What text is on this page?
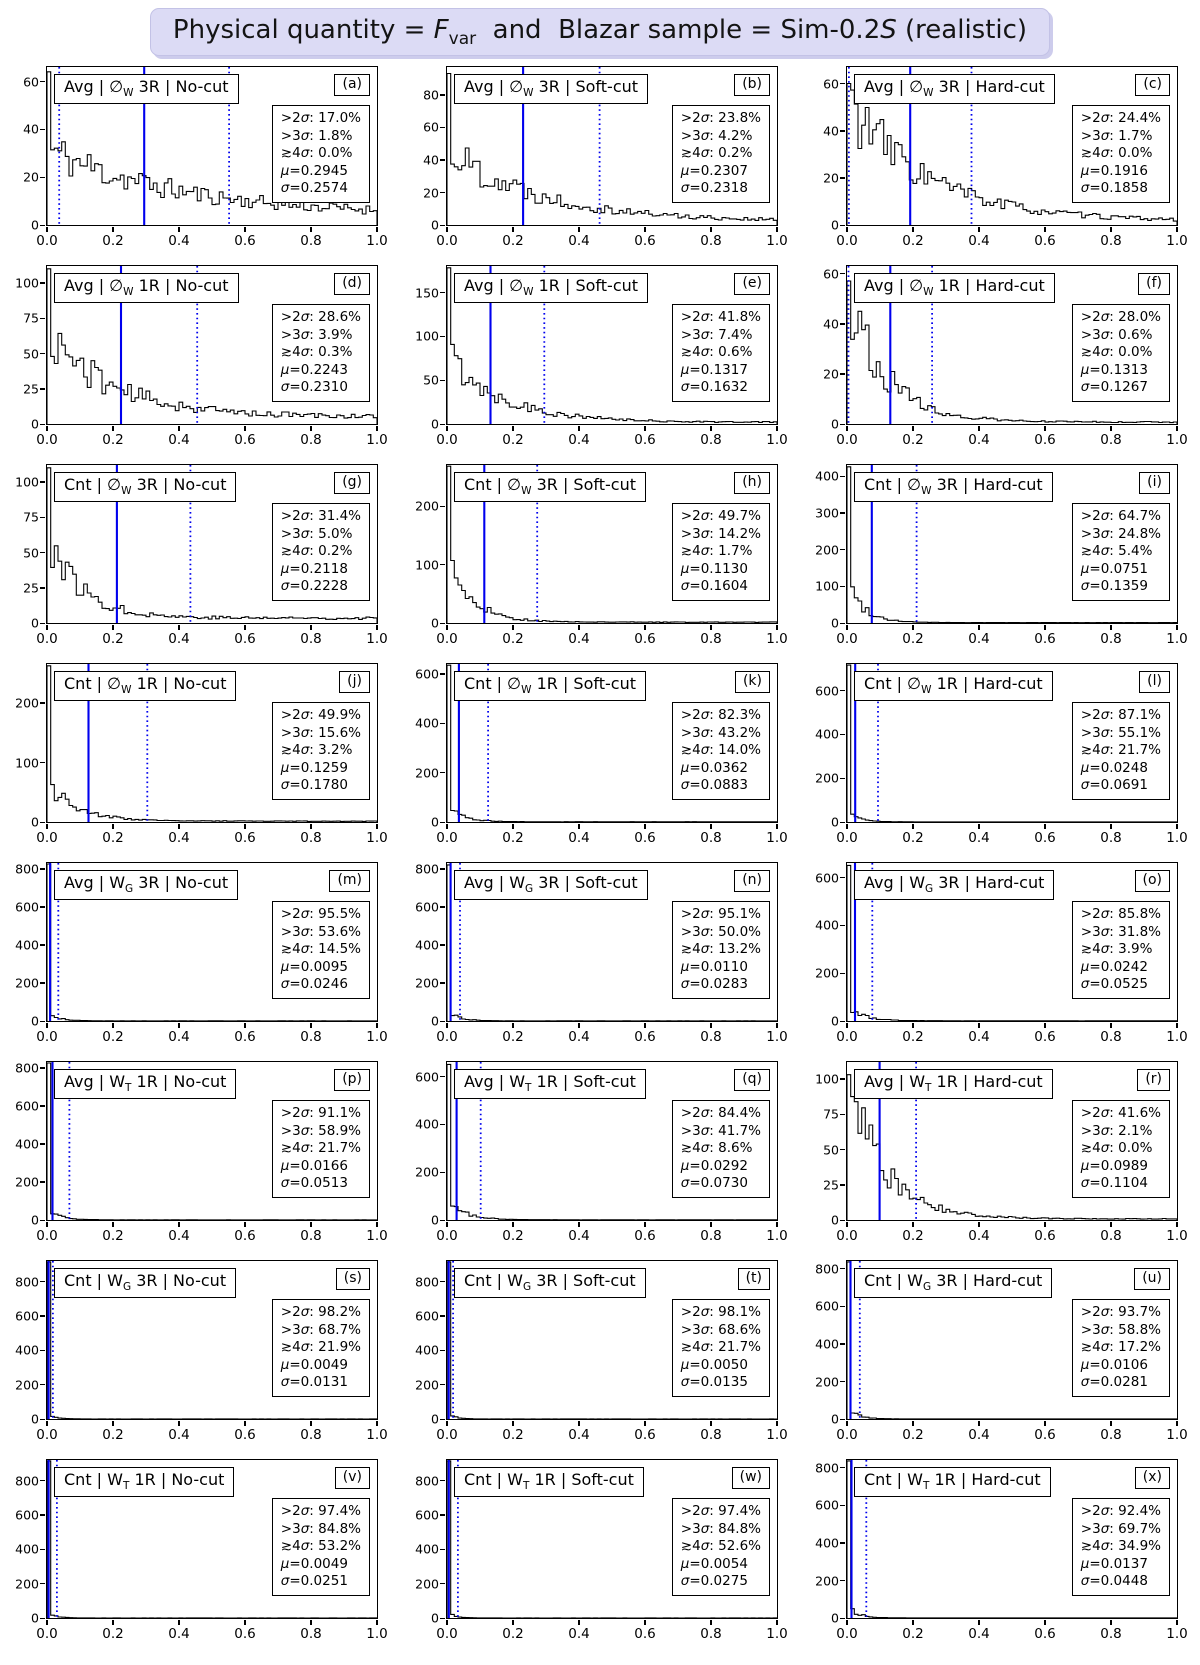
Physical quantity = $F_{var}$  and  Blazar sample = Sim-0.2S (realistic)
Avg | $\emptyset_W$ 3R | No-cut	(a)
>2σ: 17.0%
>3σ: 1.8%
≳4σ: 0.0%
μ=0.2945
σ=0.2574
0
20
40
60
0.0	0.2	0.4	0.6	0.8	1.0
Avg | $\emptyset_W$ 3R | Soft-cut	(b)
>2σ: 23.8%
>3σ: 4.2%
≳4σ: 0.2%
μ=0.2307
σ=0.2318
0
20
40
60
80
0.0	0.2	0.4	0.6	0.8	1.0
Avg | $\emptyset_W$ 3R | Hard-cut	(c)
>2σ: 24.4%
>3σ: 1.7%
≳4σ: 0.0%
μ=0.1916
σ=0.1858
0
20
40
60
0.0	0.2	0.4	0.6	0.8	1.0
Avg | $\emptyset_W$ 1R | No-cut	(d)
>2σ: 28.6%
>3σ: 3.9%
≳4σ: 0.3%
μ=0.2243
σ=0.2310
0
25
50
75
100
0.0	0.2	0.4	0.6	0.8	1.0
Avg | $\emptyset_W$ 1R | Soft-cut	(e)
>2σ: 41.8%
>3σ: 7.4%
≳4σ: 0.6%
μ=0.1317
σ=0.1632
0
50
100
150
0.0	0.2	0.4	0.6	0.8	1.0
Avg | $\emptyset_W$ 1R | Hard-cut	(f)
>2σ: 28.0%
>3σ: 0.6%
≳4σ: 0.0%
μ=0.1313
σ=0.1267
0
20
40
60
0.0	0.2	0.4	0.6	0.8	1.0
Cnt | $\emptyset_W$ 3R | No-cut	(g)
>2σ: 31.4%
>3σ: 5.0%
≳4σ: 0.2%
μ=0.2118
σ=0.2228
0
25
50
75
100
0.0	0.2	0.4	0.6	0.8	1.0
Cnt | $\emptyset_W$ 3R | Soft-cut	(h)
>2σ: 49.7%
>3σ: 14.2%
≳4σ: 1.7%
μ=0.1130
σ=0.1604
0
100
200
0.0	0.2	0.4	0.6	0.8	1.0
Cnt | $\emptyset_W$ 3R | Hard-cut	(i)
>2σ: 64.7%
>3σ: 24.8%
≳4σ: 5.4%
μ=0.0751
σ=0.1359
0
100
200
300
400
0.0	0.2	0.4	0.6	0.8	1.0
Cnt | $\emptyset_W$ 1R | No-cut	(j)
>2σ: 49.9%
>3σ: 15.6%
≳4σ: 3.2%
μ=0.1259
σ=0.1780
0
100
200
0.0	0.2	0.4	0.6	0.8	1.0
Cnt | $\emptyset_W$ 1R | Soft-cut	(k)
>2σ: 82.3%
>3σ: 43.2%
≳4σ: 14.0%
μ=0.0362
σ=0.0883
0
200
400
600
0.0	0.2	0.4	0.6	0.8	1.0
Cnt | $\emptyset_W$ 1R | Hard-cut	(l)
>2σ: 87.1%
>3σ: 55.1%
≳4σ: 21.7%
μ=0.0248
σ=0.0691
0
200
400
600
0.0	0.2	0.4	0.6	0.8	1.0
Avg | $W_G$ 3R | No-cut	(m)
>2σ: 95.5%
>3σ: 53.6%
≳4σ: 14.5%
μ=0.0095
σ=0.0246
0
200
400
600
800
0.0	0.2	0.4	0.6	0.8	1.0
Avg | $W_G$ 3R | Soft-cut	(n)
>2σ: 95.1%
>3σ: 50.0%
≳4σ: 13.2%
μ=0.0110
σ=0.0283
0
200
400
600
800
0.0	0.2	0.4	0.6	0.8	1.0
Avg | $W_G$ 3R | Hard-cut	(o)
>2σ: 85.8%
>3σ: 31.8%
≳4σ: 3.9%
μ=0.0242
σ=0.0525
0
200
400
600
0.0	0.2	0.4	0.6	0.8	1.0
Avg | $W_T$ 1R | No-cut	(p)
>2σ: 91.1%
>3σ: 58.9%
≳4σ: 21.7%
μ=0.0166
σ=0.0513
0
200
400
600
800
0.0	0.2	0.4	0.6	0.8	1.0
Avg | $W_T$ 1R | Soft-cut	(q)
>2σ: 84.4%
>3σ: 41.7%
≳4σ: 8.6%
μ=0.0292
σ=0.0730
0
200
400
600
0.0	0.2	0.4	0.6	0.8	1.0
Avg | $W_T$ 1R | Hard-cut	(r)
>2σ: 41.6%
>3σ: 2.1%
≳4σ: 0.0%
μ=0.0989
σ=0.1104
0
25
50
75
100
0.0	0.2	0.4	0.6	0.8	1.0
Cnt | $W_G$ 3R | No-cut	(s)
>2σ: 98.2%
>3σ: 68.7%
≳4σ: 21.9%
μ=0.0049
σ=0.0131
0
200
400
600
800
0.0	0.2	0.4	0.6	0.8	1.0
Cnt | $W_G$ 3R | Soft-cut	(t)
>2σ: 98.1%
>3σ: 68.6%
≳4σ: 21.7%
μ=0.0050
σ=0.0135
0
200
400
600
800
0.0	0.2	0.4	0.6	0.8	1.0
Cnt | $W_G$ 3R | Hard-cut	(u)
>2σ: 93.7%
>3σ: 58.8%
≳4σ: 17.2%
μ=0.0106
σ=0.0281
0
200
400
600
800
0.0	0.2	0.4	0.6	0.8	1.0
Cnt | $W_T$ 1R | No-cut	(v)
>2σ: 97.4%
>3σ: 84.8%
≳4σ: 53.2%
μ=0.0049
σ=0.0251
0
200
400
600
800
0.0	0.2	0.4	0.6	0.8	1.0
Cnt | $W_T$ 1R | Soft-cut	(w)
>2σ: 97.4%
>3σ: 84.8%
≳4σ: 52.6%
μ=0.0054
σ=0.0275
0
200
400
600
800
0.0	0.2	0.4	0.6	0.8	1.0
Cnt | $W_T$ 1R | Hard-cut	(x)
>2σ: 92.4%
>3σ: 69.7%
≳4σ: 34.9%
μ=0.0137
σ=0.0448
0
200
400
600
800
0.0	0.2	0.4	0.6	0.8	1.0
